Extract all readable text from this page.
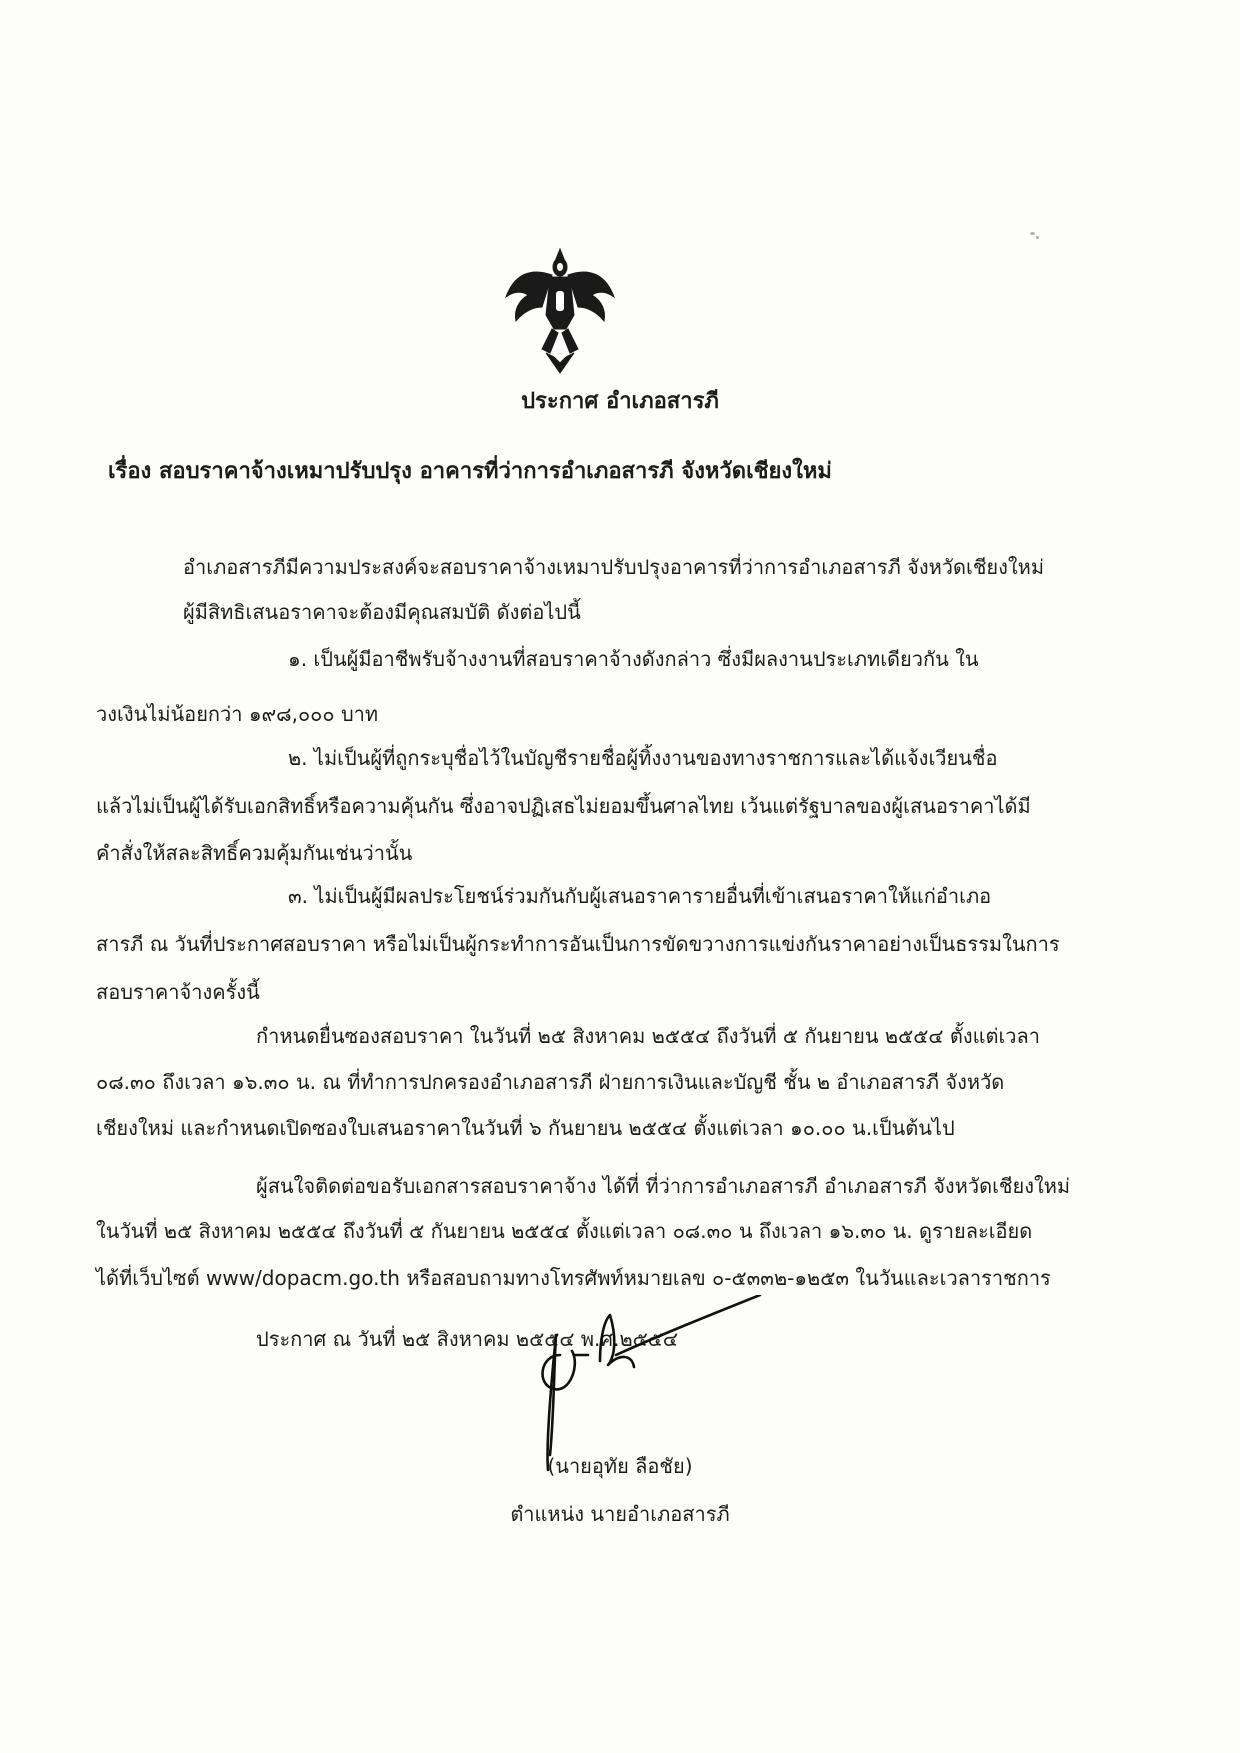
ประกาศ อำเภอสารภี
เรื่อง สอบราคาจ้างเหมาปรับปรุง อาคารที่ว่าการอำเภอสารภี จังหวัดเชียงใหม่
อำเภอสารภีมีความประสงค์จะสอบราคาจ้างเหมาปรับปรุงอาคารที่ว่าการอำเภอสารภี จังหวัดเชียงใหม่
ผู้มีสิทธิเสนอราคาจะต้องมีคุณสมบัติ ดังต่อไปนี้
๑. เป็นผู้มีอาชีพรับจ้างงานที่สอบราคาจ้างดังกล่าว ซึ่งมีผลงานประเภทเดียวกัน ใน
วงเงินไม่น้อยกว่า ๑๙๘,๐๐๐ บาท
๒. ไม่เป็นผู้ที่ถูกระบุชื่อไว้ในบัญชีรายชื่อผู้ทิ้งงานของทางราชการและได้แจ้งเวียนชื่อ
แล้วไม่เป็นผู้ได้รับเอกสิทธิ์หรือความคุ้นกัน ซึ่งอาจปฏิเสธไม่ยอมขึ้นศาลไทย เว้นแต่รัฐบาลของผู้เสนอราคาได้มี
คำสั่งให้สละสิทธิ์ควมคุ้มกันเช่นว่านั้น
๓. ไม่เป็นผู้มีผลประโยชน์ร่วมกันกับผู้เสนอราคารายอื่นที่เข้าเสนอราคาให้แก่อำเภอ
สารภี ณ วันที่ประกาศสอบราคา หรือไม่เป็นผู้กระทำการอันเป็นการขัดขวางการแข่งกันราคาอย่างเป็นธรรมในการ
สอบราคาจ้างครั้งนี้
กำหนดยื่นซองสอบราคา ในวันที่ ๒๕ สิงหาคม ๒๕๕๔ ถึงวันที่ ๕ กันยายน ๒๕๕๔ ตั้งแต่เวลา
๐๘.๓๐ ถึงเวลา ๑๖.๓๐ น. ณ ที่ทำการปกครองอำเภอสารภี ฝ่ายการเงินและบัญชี ชั้น ๒ อำเภอสารภี จังหวัด
เชียงใหม่ และกำหนดเปิดซองใบเสนอราคาในวันที่ ๖ กันยายน ๒๕๕๔ ตั้งแต่เวลา ๑๐.๐๐ น.เป็นต้นไป
ผู้สนใจติดต่อขอรับเอกสารสอบราคาจ้าง ได้ที่ ที่ว่าการอำเภอสารภี อำเภอสารภี จังหวัดเชียงใหม่
ในวันที่ ๒๕ สิงหาคม ๒๕๕๔ ถึงวันที่ ๕ กันยายน ๒๕๕๔ ตั้งแต่เวลา ๐๘.๓๐ น ถึงเวลา ๑๖.๓๐ น. ดูรายละเอียด
ได้ที่เว็บไซต์ www/dopacm.go.th หรือสอบถามทางโทรศัพท์หมายเลข ๐-๕๓๓๒-๑๒๕๓ ในวันและเวลาราชการ
ประกาศ ณ วันที่ ๒๕ สิงหาคม ๒๕๕๔ พ.ศ.๒๕๕๔
(นายอุทัย ลือชัย)
ตำแหน่ง นายอำเภอสารภี
